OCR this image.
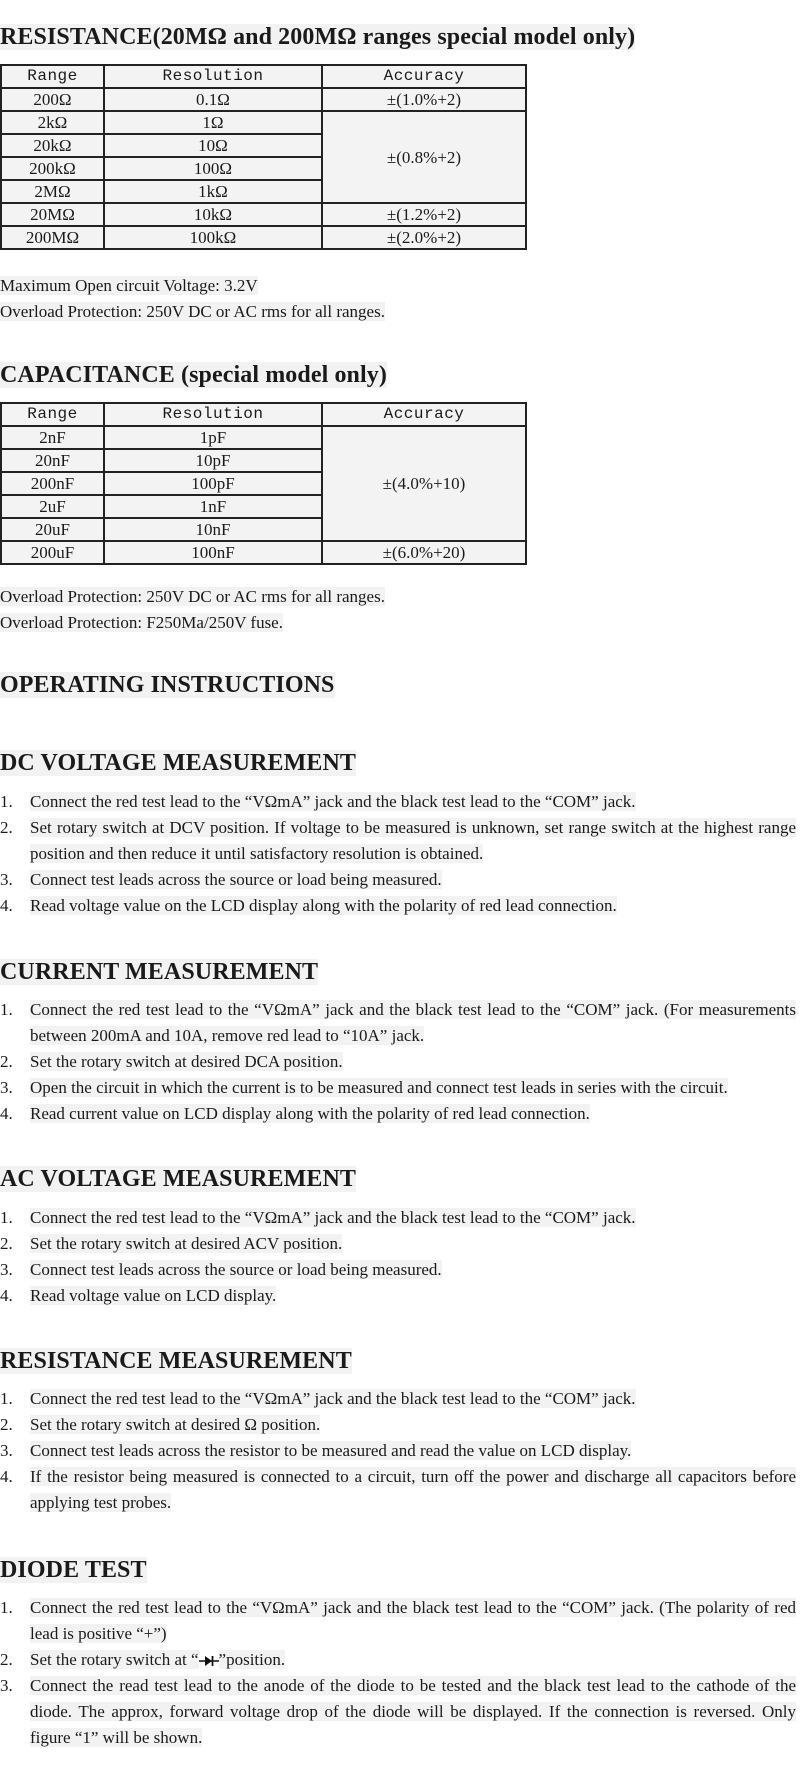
RESISTANCE(20MΩ and 200MΩ ranges special model only)
Range	Resolution	Accuracy
200Ω	0.1Ω	±(1.0%+2)
2kΩ	1Ω	±(0.8%+2)
20kΩ	10Ω	
200kΩ	100Ω	
2MΩ	1kΩ	
20MΩ	10kΩ	±(1.2%+2)
200MΩ	100kΩ	±(2.0%+2)
Maximum Open circuit Voltage: 3.2V
Overload Protection: 250V DC or AC rms for all ranges.
CAPACITANCE (special model only)
Range	Resolution	Accuracy
2nF	1pF	±(4.0%+10)
20nF	10pF	
200nF	100pF	
2uF	1nF	
20uF	10nF	
200uF	100nF	±(6.0%+20)
Overload Protection: 250V DC or AC rms for all ranges.
Overload Protection: F250Ma/250V fuse.
OPERATING INSTRUCTIONS
DC VOLTAGE MEASUREMENT
1.	Connect the red test lead to the “VΩmA” jack and the black test lead to the “COM” jack.
2.	Set rotary switch at DCV position. If voltage to be measured is unknown, set range switch at the highest range position and then reduce it until satisfactory resolution is obtained.
3.	Connect test leads across the source or load being measured.
4.	Read voltage value on the LCD display along with the polarity of red lead connection.
CURRENT MEASUREMENT
1.	Connect the red test lead to the “VΩmA” jack and the black test lead to the “COM” jack. (For measurements between 200mA and 10A, remove red lead to “10A” jack.
2.	Set the rotary switch at desired DCA position.
3.	Open the circuit in which the current is to be measured and connect test leads in series with the circuit.
4.	Read current value on LCD display along with the polarity of red lead connection.
AC VOLTAGE MEASUREMENT
1.	Connect the red test lead to the “VΩmA” jack and the black test lead to the “COM” jack.
2.	Set the rotary switch at desired ACV position.
3.	Connect test leads across the source or load being measured.
4.	Read voltage value on LCD display.
RESISTANCE MEASUREMENT
1.	Connect the red test lead to the “VΩmA” jack and the black test lead to the “COM” jack.
2.	Set the rotary switch at desired Ω position.
3.	Connect test leads across the resistor to be measured and read the value on LCD display.
4.	If the resistor being measured is connected to a circuit, turn off the power and discharge all capacitors before applying test probes.
DIODE TEST
1.	Connect the red test lead to the “VΩmA” jack and the black test lead to the “COM” jack. (The polarity of red lead is positive “+”)
2.	Set the rotary switch at “ ”position.
3.	Connect the read test lead to the anode of the diode to be tested and the black test lead to the cathode of the diode. The approx, forward voltage drop of the diode will be displayed. If the connection is reversed. Only figure “1” will be shown.
